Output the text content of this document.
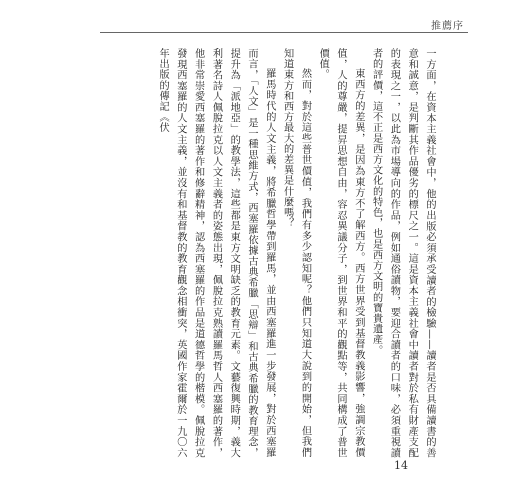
推薦序

一方面，在資本主義社會中，他的出版必須承受讀者的檢驗——讀者是否具備讀書的善意和誠意，是判斷其作品優劣的標尺之一。這是資本主義社會中讀者對於私有財產支配的表現之一，以此為市場導向的作品，例如通俗讀物，要迎合讀者的口味，必須重視讀者的評價，這不正是西方文化的特色，也是西方文明的寶貴遺產。

東西方的差異，是因為東方不了解西方。西方世界受到基督教義影響，強調宗教價值，人的尊嚴，提昇思想自由，容忍異議分子，到世界和平的觀點等，共同構成了普世價值。

然而，對於這些普世價值，我們有多少認知呢？他們只知道大說到的開始，但我們知道東方和西方最大的差異是什麼嗎？

羅馬時代的人文主義，將希臘哲學帶到羅馬，並由西塞羅進一步發展，對於西塞羅而言，「人文」是一種思維方式，西塞羅依據古典希臘「思辯」和古典希臘的教育理念，提升為「派地亞」的教學法，這些都是東方文明缺乏的教育元素。文藝復興時期，義大利著名詩人佩脫拉克以人文主義者的姿態出現，佩脫拉克熟讀羅馬哲人西塞羅的著作，他非常崇愛西塞羅的著作和修辭精神，認為西塞羅的作品是道德哲學的楷模。佩脫拉克發現西塞羅的人文主義，並沒有和基督教的教育觀念相衝突，英國作家霍爾於一九〇六年出版的傳記《伏

14
